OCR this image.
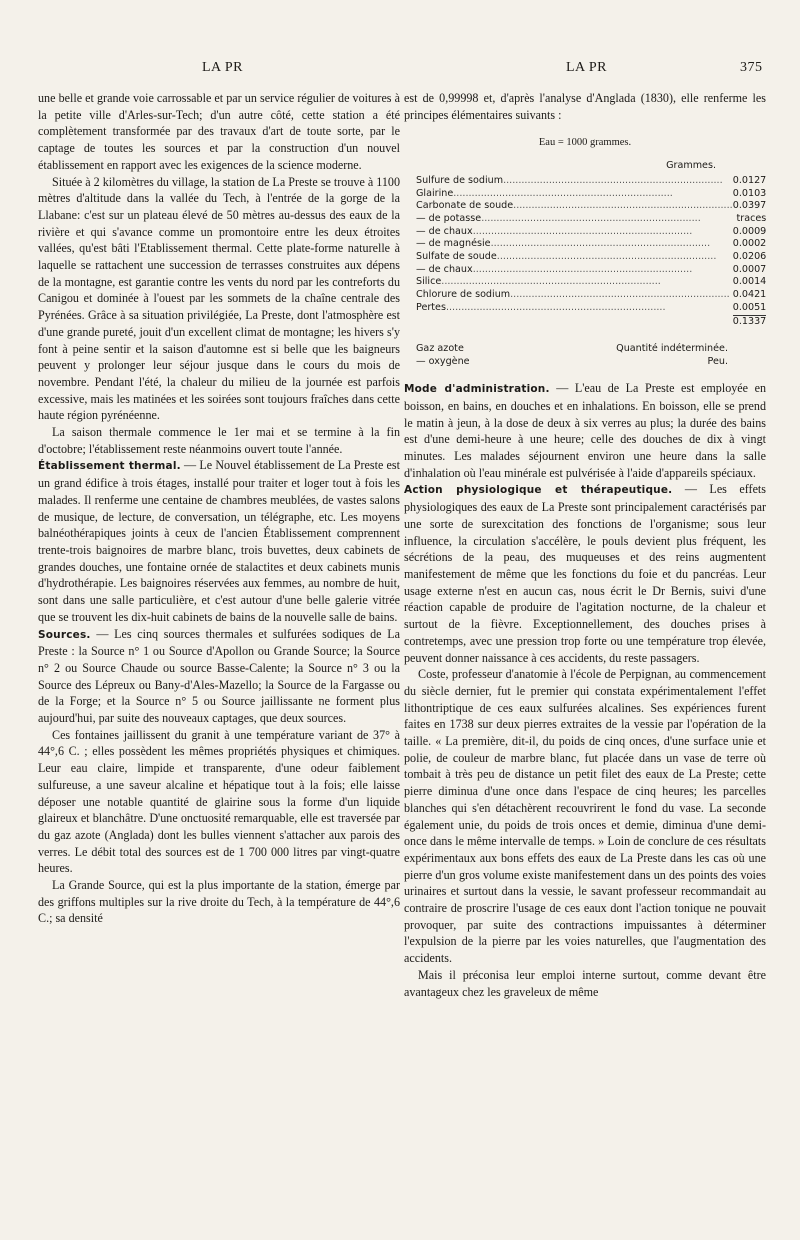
LA PR	LA PR	375

une belle et grande voie carrossable et par un service régulier de voitures à la petite ville d'Arles-sur-Tech; d'un autre côté, cette station a été complètement transformée par des travaux d'art de toute sorte, par le captage de toutes les sources et par la construction d'un nouvel établissement en rapport avec les exigences de la science moderne.

Située à 2 kilomètres du village, la station de La Preste se trouve à 1100 mètres d'altitude dans la vallée du Tech, à l'entrée de la gorge de la Llabane: c'est sur un plateau élevé de 50 mètres au-dessus des eaux de la rivière et qui s'avance comme un promontoire entre les deux étroites vallées, qu'est bâti l'Etablissement thermal. Cette plate-forme naturelle à laquelle se rattachent une succession de terrasses construites aux dépens de la montagne, est garantie contre les vents du nord par les contreforts du Canigou et dominée à l'ouest par les sommets de la chaîne centrale des Pyrénées. Grâce à sa situation privilégiée, La Preste, dont l'atmosphère est d'une grande pureté, jouit d'un excellent climat de montagne; les hivers s'y font à peine sentir et la saison d'automne est si belle que les baigneurs peuvent y prolonger leur séjour jusque dans le cours du mois de novembre. Pendant l'été, la chaleur du milieu de la journée est parfois excessive, mais les matinées et les soirées sont toujours fraîches dans cette haute région pyrénéenne.

La saison thermale commence le 1er mai et se termine à la fin d'octobre; l'établissement reste néanmoins ouvert toute l'année.

Établissement thermal. — Le Nouvel établissement de La Preste est un grand édifice à trois étages, installé pour traiter et loger tout à fois les malades. Il renferme une centaine de chambres meublées, de vastes salons de musique, de lecture, de conversation, un télégraphe, etc. Les moyens balnéothérapiques joints à ceux de l'ancien Établissement comprennent trente-trois baignoires de marbre blanc, trois buvettes, deux cabinets de grandes douches, une fontaine ornée de stalactites et deux cabinets munis d'hydrothérapie. Les baignoires réservées aux femmes, au nombre de huit, sont dans une salle particulière, et c'est autour d'une belle galerie vitrée que se trouvent les dix-huit cabinets de bains de la nouvelle salle de bains.

Sources. — Les cinq sources thermales et sulfurées sodiques de La Preste : la Source n° 1 ou Source d'Apollon ou Grande Source; la Source n° 2 ou Source Chaude ou source Basse-Calente; la Source n° 3 ou la Source des Lépreux ou Bany-d'Ales-Mazello; la Source de la Fargasse ou de la Forge; et la Source n° 5 ou Source jaillissante ne forment plus aujourd'hui, par suite des nouveaux captages, que deux sources.

Ces fontaines jaillissent du granit à une température variant de 37° à 44°,6 C. ; elles possèdent les mêmes propriétés physiques et chimiques. Leur eau claire, limpide et transparente, d'une odeur faiblement sulfureuse, a une saveur alcaline et hépatique tout à la fois; elle laisse déposer une notable quantité de glairine sous la forme d'un liquide glaireux et blanchâtre. D'une onctuosité remarquable, elle est traversée par du gaz azote (Anglada) dont les bulles viennent s'attacher aux parois des verres. Le débit total des sources est de 1 700 000 litres par vingt-quatre heures.

La Grande Source, qui est la plus importante de la station, émerge par des griffons multiples sur la rive droite du Tech, à la température de 44°,6 C.; sa densité

est de 0,99998 et, d'après l'analyse d'Anglada (1830), elle renferme les principes élémentaires suivants :

Eau = 1000 grammes.
Grammes.
Sulfure de sodium........................................................................	0.0127
Glairine........................................................................	0.0103
Carbonate de soude........................................................................	0.0397
— de potasse........................................................................	traces
— de chaux........................................................................	0.0009
— de magnésie........................................................................	0.0002
Sulfate de soude........................................................................	0.0206
— de chaux........................................................................	0.0007
Silice........................................................................	0.0014
Chlorure de sodium........................................................................	0.0421
Pertes........................................................................	0.0051
	0.1337
Gaz azote	Quantité indéterminée.
— oxygène	Peu.

Mode d'administration. — L'eau de La Preste est employée en boisson, en bains, en douches et en inhalations. En boisson, elle se prend le matin à jeun, à la dose de deux à six verres au plus; la durée des bains est d'une demi-heure à une heure; celle des douches de dix à vingt minutes. Les malades séjournent environ une heure dans la salle d'inhalation où l'eau minérale est pulvérisée à l'aide d'appareils spéciaux.

Action physiologique et thérapeutique. — Les effets physiologiques des eaux de La Preste sont principalement caractérisés par une sorte de surexcitation des fonctions de l'organisme; sous leur influence, la circulation s'accélère, le pouls devient plus fréquent, les sécrétions de la peau, des muqueuses et des reins augmentent manifestement de même que les fonctions du foie et du pancréas. Leur usage externe n'est en aucun cas, nous écrit le Dr Bernis, suivi d'une réaction capable de produire de l'agitation nocturne, de la chaleur et surtout de la fièvre. Exceptionnellement, des douches prises à contretemps, avec une pression trop forte ou une température trop élevée, peuvent donner naissance à ces accidents, du reste passagers.

Coste, professeur d'anatomie à l'école de Perpignan, au commencement du siècle dernier, fut le premier qui constata expérimentalement l'effet lithontriptique de ces eaux sulfurées alcalines. Ses expériences furent faites en 1738 sur deux pierres extraites de la vessie par l'opération de la taille. « La première, dit-il, du poids de cinq onces, d'une surface unie et polie, de couleur de marbre blanc, fut placée dans un vase de terre où tombait à très peu de distance un petit filet des eaux de La Preste; cette pierre diminua d'une once dans l'espace de cinq heures; les parcelles blanches qui s'en détachèrent recouvrirent le fond du vase. La seconde également unie, du poids de trois onces et demie, diminua d'une demi-once dans le même intervalle de temps. » Loin de conclure de ces résultats expérimentaux aux bons effets des eaux de La Preste dans les cas où une pierre d'un gros volume existe manifestement dans un des points des voies urinaires et surtout dans la vessie, le savant professeur recommandait au contraire de proscrire l'usage de ces eaux dont l'action tonique ne pouvait provoquer, par suite des contractions impuissantes à déterminer l'expulsion de la pierre par les voies naturelles, que l'augmentation des accidents.

Mais il préconisa leur emploi interne surtout, comme devant être avantageux chez les graveleux de même
